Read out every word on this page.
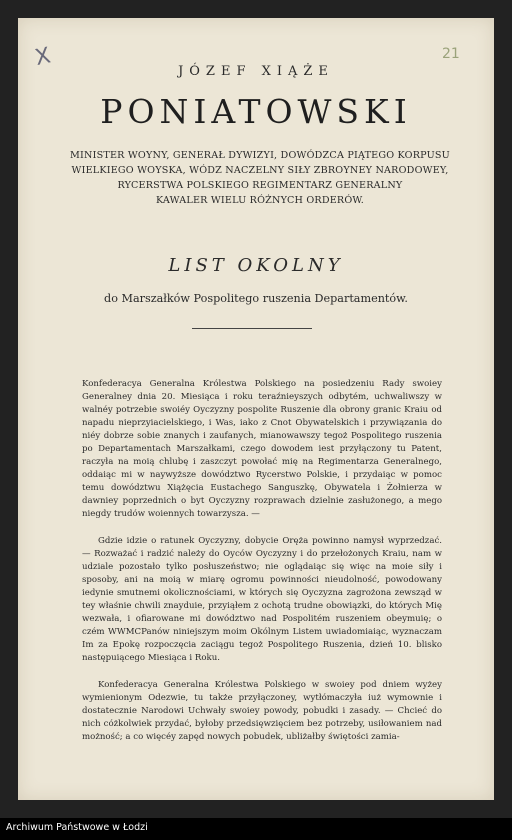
X	21
JÓZEF XIĄŻE
PONIATOWSKI
MINISTER WOYNY, GENERAŁ DYWIZYI, DOWÓDZCA PIĄTEGO KORPUSU
WIELKIEGO WOYSKA, WÓDZ NACZELNY SIŁY ZBROYNEY NARODOWEY,
RYCERSTWA POLSKIEGO REGIMENTARZ GENERALNY
KAWALER WIELU RÓŻNYCH ORDERÓW.
LIST OKOLNY
do Marszałków Pospolitego ruszenia Departamentów.

Konfederacya Generalna Królestwa Polskiego na posiedzeniu Rady swoiey Generalney dnia 20. Miesiąca i roku teraźnieyszych odbytém, uchwaliwszy w walnéy potrzebie swoiéy Oyczyzny pospolite Ruszenie dla obrony granic Kraiu od napadu nieprzyiacielskiego, i Was, iako z Cnot Obywatelskich i przywiązania do niéy dobrze sobie znanych i zaufanych, mianowawszy tegoż Pospolitego ruszenia po Departamentach Marszałkami, czego dowodem iest przyłączony tu Patent, raczyła na moią chlubę i zaszczyt powołać mię na Regimentarza Generalnego, oddaiąc mi w naywyższe dowództwo Rycerstwo Polskie, i przydaiąc w pomoc temu dowództwu Xiążęcia Eustachego Sanguszkę, Obywatela i Żołnierza w dawniey poprzednich o byt Oyczyzny rozprawach dzielnie zasłużonego, a mego niegdy trudów woiennych towarzysza. —

Gdzie idzie o ratunek Oyczyzny, dobycie Oręża powinno namysł wyprzedzać. — Rozważać i radzić należy do Oyców Oyczyzny i do przełożonych Kraiu, nam w udziale pozostało tylko posłuszeństwo; nie oglądaiąc się więc na moie siły i sposoby, ani na moią w miarę ogromu powinności nieudolność, powodowany iedynie smutnemi okolicznościami, w których się Oyczyzna zagrożona zewsząd w tey właśnie chwili znayduie, przyiąłem z ochotą trudne obowiązki, do których Mię wezwała, i ofiarowane mi dowództwo nad Pospolitém ruszeniem obeymuię; o czém WWMCPanów niniejszym moim Okólnym Listem uwiadomiaiąc, wyznaczam Im za Epokę rozpoczęcia zaciągu tegoż Pospolitego Ruszenia, dzień 10. blisko następuiącego Miesiąca i Roku.

Konfederacya Generalna Królestwa Polskiego w swoiey pod dniem wyżey wymienionym Odezwie, tu także przyłączoney, wytłómaczyła iuż wymownie i dostatecznie Narodowi Uchwały swoiey powody, pobudki i zasady. — Chcieć do nich cóżkolwiek przydać, byłoby przedsięwzięciem bez potrzeby, usiłowaniem nad możność; a co więcéy zapęd nowych pobudek, ubliżałby świętości zamia-

Archiwum Państwowe w Łodzi
